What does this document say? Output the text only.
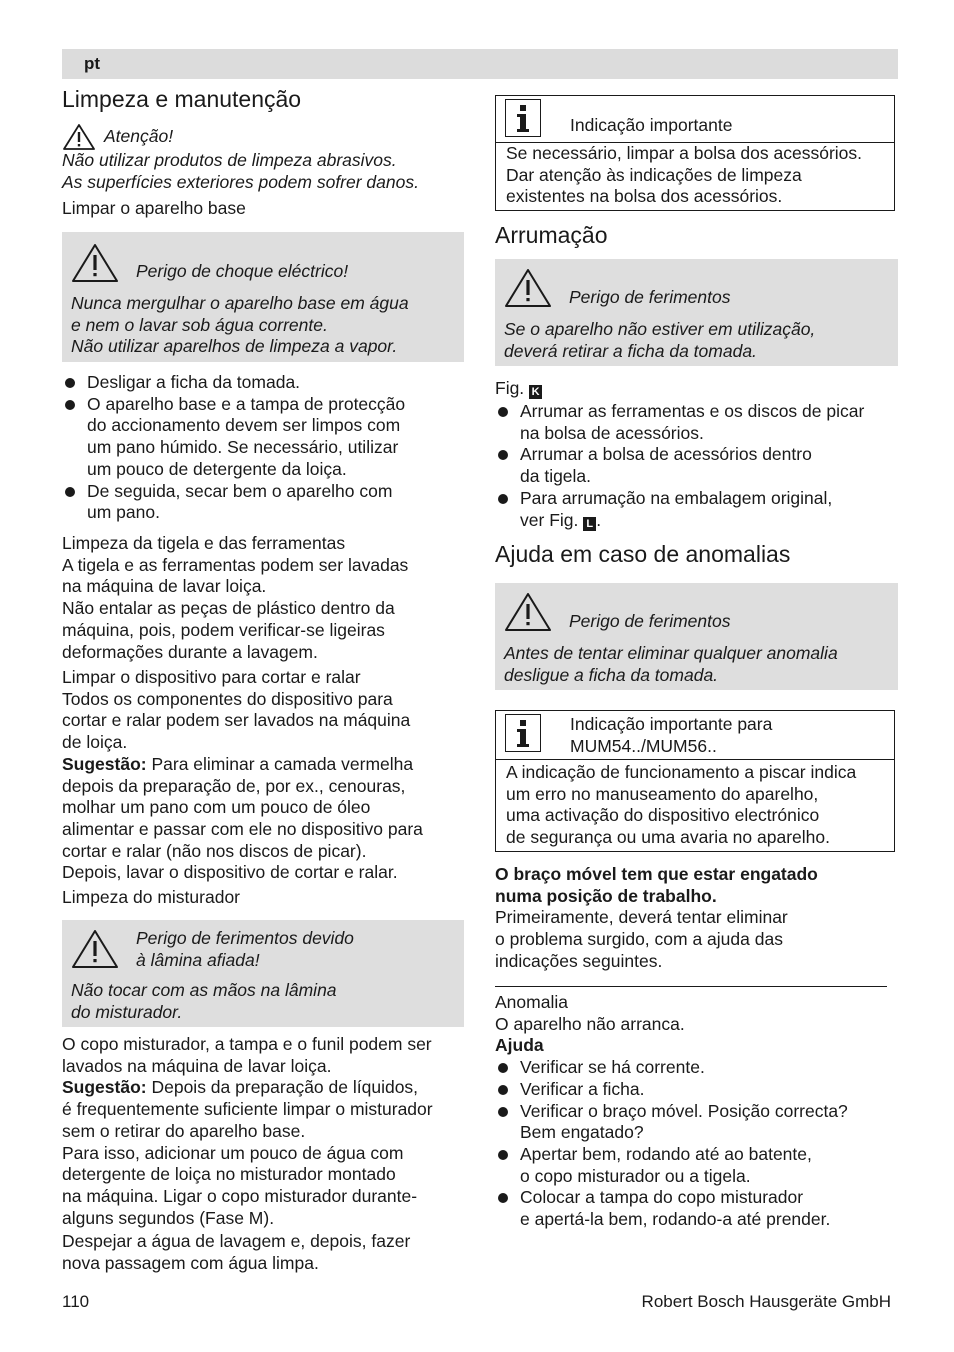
pt
Limpeza e manutenção
Atenção!

Não utilizar produtos de limpeza abrasivos.

As superfícies exteriores podem sofrer danos.

Limpar o aparelho base
Perigo de choque eléctrico!

Nunca mergulhar o aparelho base em água

e nem o lavar sob água corrente.

Não utilizar aparelhos de limpeza a vapor.

Desligar a ficha da tomada.

O aparelho base e a tampa de protecção

do accionamento devem ser limpos com

um pano húmido. Se necessário, utilizar

um pouco de detergente da loiça.

De seguida, secar bem o aparelho com

um pano.

Limpeza da tigela e das ferramentas

A tigela e as ferramentas podem ser lavadas

na máquina de lavar loiça.

Não entalar as peças de plástico dentro da

máquina, pois, podem verificar-se ligeiras

deformações durante a lavagem.

Limpar o dispositivo para cortar e ralar

Todos os componentes do dispositivo para

cortar e ralar podem ser lavados na máquina

de loiça.

Sugestão: Para eliminar a camada vermelha

depois da preparação de, por ex., cenouras,

molhar um pano com um pouco de óleo

alimentar e passar com ele no dispositivo para

cortar e ralar (não nos discos de picar).

Depois, lavar o dispositivo de cortar e ralar.

Limpeza do misturador

Perigo de ferimentos devido

à lâmina afiada!

Não tocar com as mãos na lâmina

do misturador.

O copo misturador, a tampa e o funil podem ser

lavados na máquina de lavar loiça.

Sugestão: Depois da preparação de líquidos,

é frequentemente suficiente limpar o misturador

sem o retirar do aparelho base.

Para isso, adicionar um pouco de água com

detergente de loiça no misturador montado

na máquina. Ligar o copo misturador durante-

alguns segundos (Fase M).

Despejar a água de lavagem e, depois, fazer

nova passagem com água limpa.

Indicação importante

Se necessário, limpar a bolsa dos acessórios.

Dar atenção às indicações de limpeza

existentes na bolsa dos acessórios.

Arrumação
Perigo de ferimentos

Se o aparelho não estiver em utilização,

deverá retirar a ficha da tomada.

Fig. K

Arrumar as ferramentas e os discos de picar

na bolsa de acessórios.

Arrumar a bolsa de acessórios dentro

da tigela.

Para arrumação na embalagem original,

ver Fig. L .

Ajuda em caso de anomalias
Perigo de ferimentos

Antes de tentar eliminar qualquer anomalia

desligue a ficha da tomada.

Indicação importante para

MUM54../MUM56..

A indicação de funcionamento a piscar indica

um erro no manuseamento do aparelho,

uma activação do dispositivo electrónico

de segurança ou uma avaria no aparelho.

O braço móvel tem que estar engatado

numa posição de trabalho.

Primeiramente, deverá tentar eliminar

o problema surgido, com a ajuda das

indicações seguintes.

Anomalia

O aparelho não arranca.

Ajuda

Verificar se há corrente.

Verificar a ficha.

Verificar o braço móvel. Posição correcta?

Bem engatado?

Apertar bem, rodando até ao batente,

o copo misturador ou a tigela.

Colocar a tampa do copo misturador

e apertá-la bem, rodando-a até prender.

110	Robert Bosch Hausgeräte GmbH
